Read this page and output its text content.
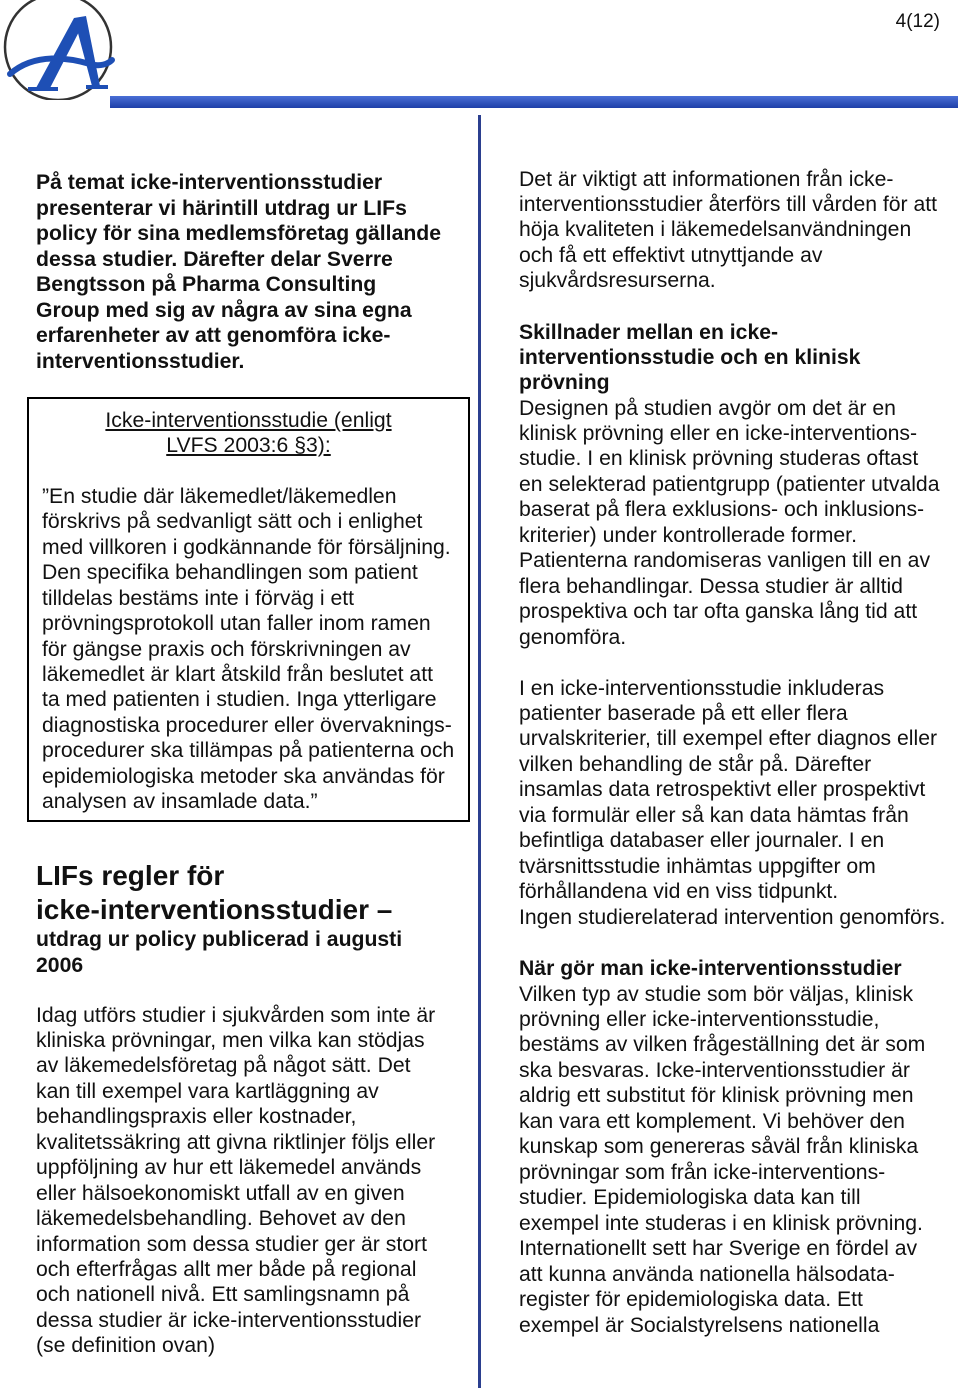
4(12)
På temat icke-interventionsstudier
presenterar vi härintill utdrag ur LIFs
policy för sina medlemsföretag gällande
dessa studier. Därefter delar Sverre
Bengtsson på Pharma Consulting
Group med sig av några av sina egna
erfarenheter av att genomföra icke-
interventionsstudier.
Icke-interventionsstudie (enligt
LVFS 2003:6 §3):
”En studie där läkemedlet/läkemedlen
förskrivs på sedvanligt sätt och i enlighet
med villkoren i godkännande för försäljning.
Den specifika behandlingen som patient
tilldelas bestäms inte i förväg i ett
prövningsprotokoll utan faller inom ramen
för gängse praxis och förskrivningen av
läkemedlet är klart åtskild från beslutet att
ta med patienten i studien. Inga ytterligare
diagnostiska procedurer eller övervaknings-
procedurer ska tillämpas på patienterna och
epidemiologiska metoder ska användas för
analysen av insamlade data.”
LIFs regler för
icke-interventionsstudier –
utdrag ur policy publicerad i augusti
2006
Idag utförs studier i sjukvården som inte är
kliniska prövningar, men vilka kan stödjas
av läkemedelsföretag på något sätt. Det
kan till exempel vara kartläggning av
behandlingspraxis eller kostnader,
kvalitetssäkring att givna riktlinjer följs eller
uppföljning av hur ett läkemedel används
eller hälsoekonomiskt utfall av en given
läkemedelsbehandling. Behovet av den
information som dessa studier ger är stort
och efterfrågas allt mer både på regional
och nationell nivå. Ett samlingsnamn på
dessa studier är icke-interventionsstudier
(se definition ovan)
Det är viktigt att informationen från icke-
interventionsstudier återförs till vården för att
höja kvaliteten i läkemedelsanvändningen
och få ett effektivt utnyttjande av
sjukvårdsresurserna.
Skillnader mellan en icke-
interventionsstudie och en klinisk
prövning
Designen på studien avgör om det är en
klinisk prövning eller en icke-interventions-
studie. I en klinisk prövning studeras oftast
en selekterad patientgrupp (patienter utvalda
baserat på flera exklusions- och inklusions-
kriterier) under kontrollerade former.
Patienterna randomiseras vanligen till en av
flera behandlingar. Dessa studier är alltid
prospektiva och tar ofta ganska lång tid att
genomföra.
I en icke-interventionsstudie inkluderas
patienter baserade på ett eller flera
urvalskriterier, till exempel efter diagnos eller
vilken behandling de står på. Därefter
insamlas data retrospektivt eller prospektivt
via formulär eller så kan data hämtas från
befintliga databaser eller journaler. I en
tvärsnittsstudie inhämtas uppgifter om
förhållandena vid en viss tidpunkt.
Ingen studierelaterad intervention genomförs.
När gör man icke-interventionsstudier
Vilken typ av studie som bör väljas, klinisk
prövning eller icke-interventionsstudie,
bestäms av vilken frågeställning det är som
ska besvaras. Icke-interventionsstudier är
aldrig ett substitut för klinisk prövning men
kan vara ett komplement. Vi behöver den
kunskap som genereras såväl från kliniska
prövningar som från icke-interventions-
studier. Epidemiologiska data kan till
exempel inte studeras i en klinisk prövning.
Internationellt sett har Sverige en fördel av
att kunna använda nationella hälsodata-
register för epidemiologiska data. Ett
exempel är Socialstyrelsens nationella
